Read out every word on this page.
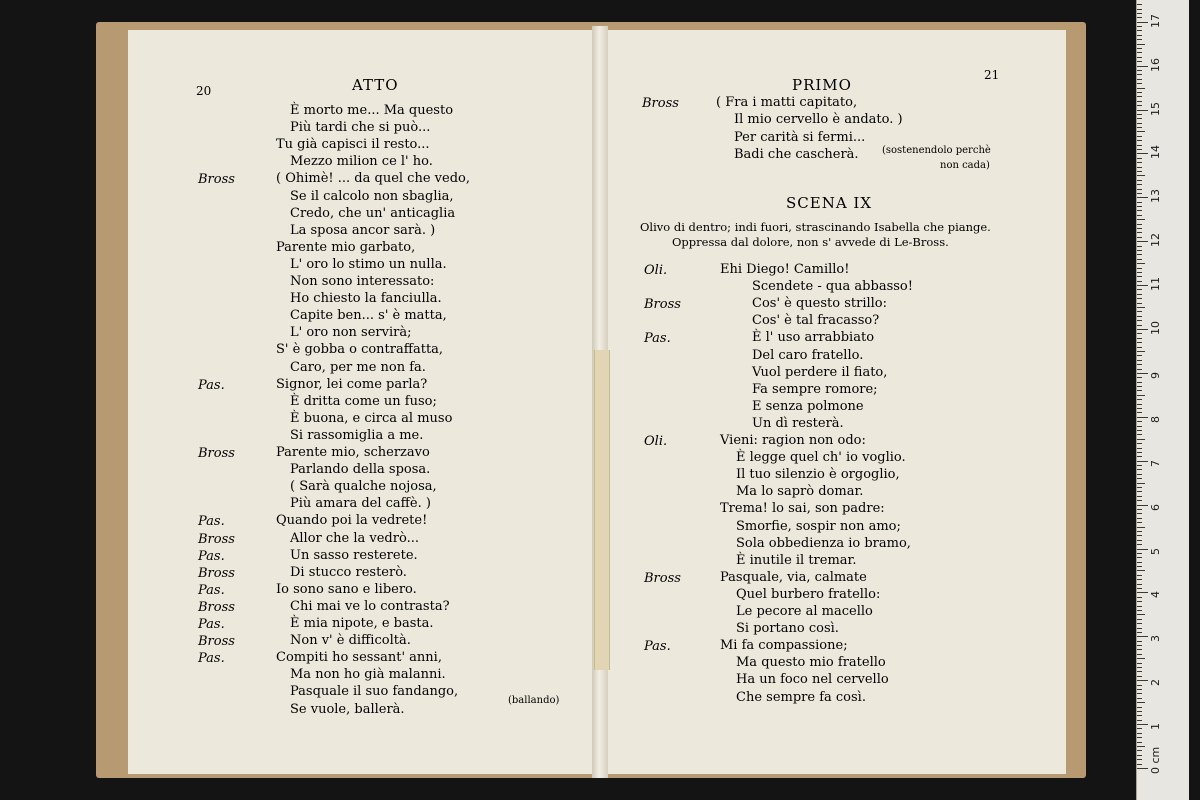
20	ATTO	PRIMO
21
È morto me... Ma questo
Più tardi che si può...
Tu già capisci il resto...
Mezzo milion ce l' ho.
Bross	( Ohimè! ... da quel che vedo,
Se il calcolo non sbaglia,
Credo, che un' anticaglia
La sposa ancor sarà. )
Parente mio garbato,
L' oro lo stimo un nulla.
Non sono interessato:
Ho chiesto la fanciulla.
Capite ben... s' è matta,
L' oro non servirà;
S' è gobba o contraffatta,
Caro, per me non fa.
Pas.	Signor, lei come parla?
È dritta come un fuso;
È buona, e circa al muso
Si rassomiglia a me.
Bross	Parente mio, scherzavo
Parlando della sposa.
( Sarà qualche nojosa,
Più amara del caffè. )
Pas.	Quando poi la vedrete!
Bross	Allor che la vedrò...
Pas.	Un sasso resterete.
Bross	Di stucco resterò.
Pas.	Io sono sano e libero.
Bross	Chi mai ve lo contrasta?
Pas.	È mia nipote, e basta.
Bross	Non v' è difficoltà.
Pas.	Compiti ho sessant' anni,
Ma non ho già malanni.
Pasquale il suo fandango,
Se vuole, ballerà.
(ballando)
Bross	( Fra i matti capitato,
Il mio cervello è andato. )
Per carità si fermi...
Badi che cascherà. (sostenendolo perchè
non cada)
SCENA IX
Olivo di dentro; indi fuori, strascinando Isabella che piange.
Oppressa dal dolore, non s' avvede di Le-Bross.
Oli.	Ehi Diego! Camillo!
Scendete - qua abbasso!
Bross	Cos' è questo strillo:
Cos' è tal fracasso?
Pas.	È l' uso arrabbiato
Del caro fratello.
Vuol perdere il fiato,
Fa sempre romore;
E senza polmone
Un dì resterà.
Oli.	Vieni: ragion non odo:
È legge quel ch' io voglio.
Il tuo silenzio è orgoglio,
Ma lo saprò domar.
Trema! lo sai, son padre:
Smorfie, sospir non amo;
Sola obbedienza io bramo,
È inutile il tremar.
Bross	Pasquale, via, calmate
Quel burbero fratello:
Le pecore al macello
Si portano così.
Pas.	Mi fa compassione;
Ma questo mio fratello
Ha un foco nel cervello
Che sempre fa così.
0 cm
1
2
3
4
5
6
7
8
9
10
11
12
13
14
15
16
17
